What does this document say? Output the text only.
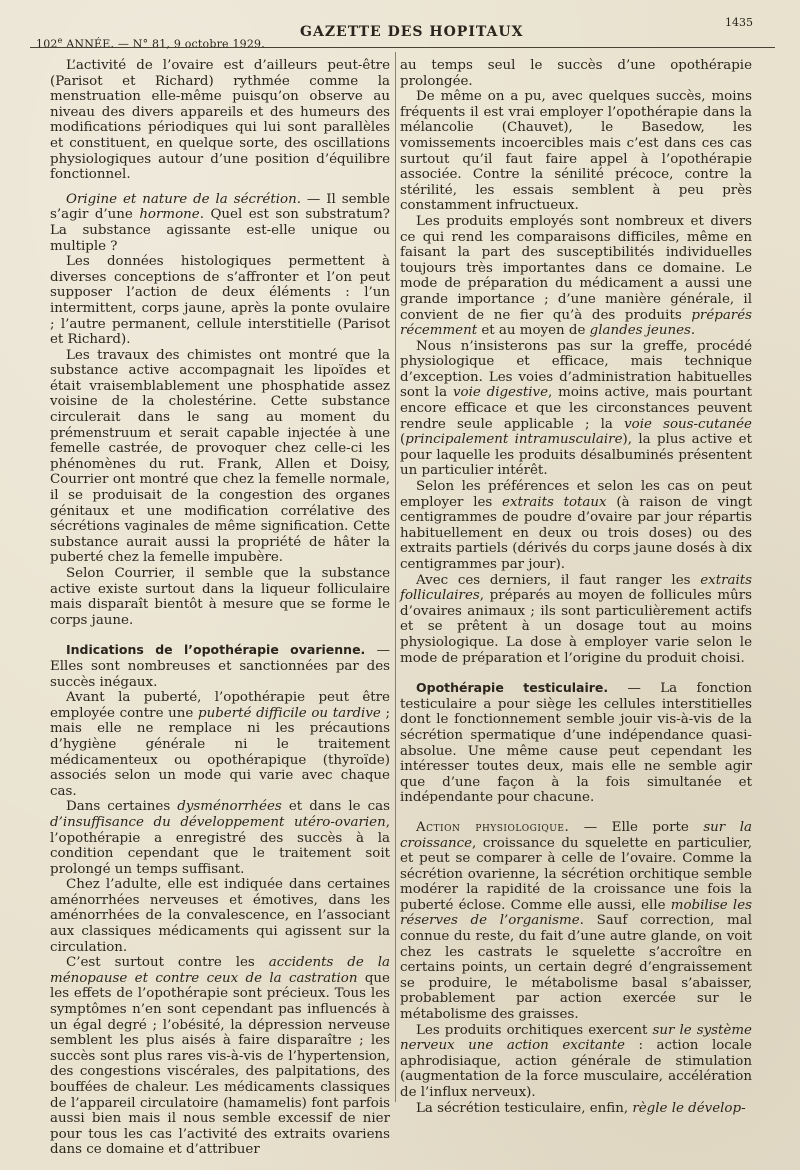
102e ANNÉE. — N° 81, 9 octobre 1929.
GAZETTE DES HOPITAUX
1435

L’activité de l’ovaire est d’ailleurs peut-être (Parisot et Richard) rythmée comme la menstruation elle-même puisqu’on observe au niveau des divers appareils et des humeurs des modifications périodiques qui lui sont parallèles et constituent, en quelque sorte, des oscillations physiologiques autour d’une position d’équilibre fonctionnel.

Origine et nature de la sécrétion. — Il semble s’agir d’une hormone. Quel est son substratum? La substance agissante est-elle unique ou multiple ?

Les données histologiques permettent à diverses conceptions de s’affronter et l’on peut supposer l’action de deux éléments : l’un intermittent, corps jaune, après la ponte ovulaire ; l’autre permanent, cellule interstitielle (Parisot et Richard).

Les travaux des chimistes ont montré que la substance active accompagnait les lipoïdes et était vraisemblablement une phosphatide assez voisine de la cholestérine. Cette substance circulerait dans le sang au moment du prémenstruum et serait capable injectée à une femelle castrée, de provoquer chez celle-ci les phénomènes du rut. Frank, Allen et Doisy, Courrier ont montré que chez la femelle normale, il se produisait de la congestion des organes génitaux et une modification corrélative des sécrétions vaginales de même signification. Cette substance aurait aussi la propriété de hâter la puberté chez la femelle impubère.

Selon Courrier, il semble que la substance active existe surtout dans la liqueur folliculaire mais disparaît bientôt à mesure que se forme le corps jaune.

Indications de l’opothérapie ovarienne. — Elles sont nombreuses et sanctionnées par des succès inégaux.

Avant la puberté, l’opothérapie peut être employée contre une puberté difficile ou tardive ; mais elle ne remplace ni les précautions d’hygiène générale ni le traitement médicamenteux ou opothérapique (thyroïde) associés selon un mode qui varie avec chaque cas.

Dans certaines dysménorrhées et dans le cas d’insuffisance du développement utéro-ovarien, l’opothérapie a enregistré des succès à la condition cependant que le traitement soit prolongé un temps suffisant.

Chez l’adulte, elle est indiquée dans certaines aménorrhées nerveuses et émotives, dans les aménorrhées de la convalescence, en l’associant aux classiques médicaments qui agissent sur la circulation.

C’est surtout contre les accidents de la ménopause et contre ceux de la castration que les effets de l’opothérapie sont précieux. Tous les symptômes n’en sont cependant pas influencés à un égal degré ; l’obésité, la dépression nerveuse semblent les plus aisés à faire disparaître ; les succès sont plus rares vis-à-vis de l’hypertension, des congestions viscérales, des palpitations, des bouffées de chaleur. Les médicaments classiques de l’appareil circulatoire (hamamelis) font parfois aussi bien mais il nous semble excessif de nier pour tous les cas l’activité des extraits ovariens dans ce domaine et d’attribuer

au temps seul le succès d’une opothérapie prolongée.

De même on a pu, avec quelques succès, moins fréquents il est vrai employer l’opothérapie dans la mélancolie (Chauvet), le Basedow, les vomissements incoercibles mais c’est dans ces cas surtout qu’il faut faire appel à l’opothérapie associée. Contre la sénilité précoce, contre la stérilité, les essais semblent à peu près constamment infructueux.

Les produits employés sont nombreux et divers ce qui rend les comparaisons difficiles, même en faisant la part des susceptibilités individuelles toujours très importantes dans ce domaine. Le mode de préparation du médicament a aussi une grande importance ; d’une manière générale, il convient de ne fier qu’à des produits préparés récemment et au moyen de glandes jeunes.

Nous n’insisterons pas sur la greffe, procédé physiologique et efficace, mais technique d’exception. Les voies d’administration habituelles sont la voie digestive, moins active, mais pourtant encore efficace et que les circonstances peuvent rendre seule applicable ; la voie sous-cutanée (principalement intramusculaire), la plus active et pour laquelle les produits désalbuminés présentent un particulier intérêt.

Selon les préférences et selon les cas on peut employer les extraits totaux (à raison de vingt centigrammes de poudre d’ovaire par jour répartis habituellement en deux ou trois doses) ou des extraits partiels (dérivés du corps jaune dosés à dix centigrammes par jour).

Avec ces derniers, il faut ranger les extraits folliculaires, préparés au moyen de follicules mûrs d’ovaires animaux ; ils sont particulièrement actifs et se prêtent à un dosage tout au moins physiologique. La dose à employer varie selon le mode de préparation et l’origine du produit choisi.

Opothérapie testiculaire. — La fonction testiculaire a pour siège les cellules interstitielles dont le fonctionnement semble jouir vis-à-vis de la sécrétion spermatique d’une indépendance quasi-absolue. Une même cause peut cependant les intéresser toutes deux, mais elle ne semble agir que d’une façon à la fois simultanée et indépendante pour chacune.

Action physiologique. — Elle porte sur la croissance, croissance du squelette en particulier, et peut se comparer à celle de l’ovaire. Comme la sécrétion ovarienne, la sécrétion orchitique semble modérer la rapidité de la croissance une fois la puberté éclose. Comme elle aussi, elle mobilise les réserves de l’organisme. Sauf correction, mal connue du reste, du fait d’une autre glande, on voit chez les castrats le squelette s’accroître en certains points, un certain degré d’engraissement se produire, le métabolisme basal s’abaisser, probablement par action exercée sur le métabolisme des graisses.

Les produits orchitiques exercent sur le système nerveux une action excitante : action locale aphrodisiaque, action générale de stimulation (augmentation de la force musculaire, accélération de l’influx nerveux).

La sécrétion testiculaire, enfin, règle le dévelop-
